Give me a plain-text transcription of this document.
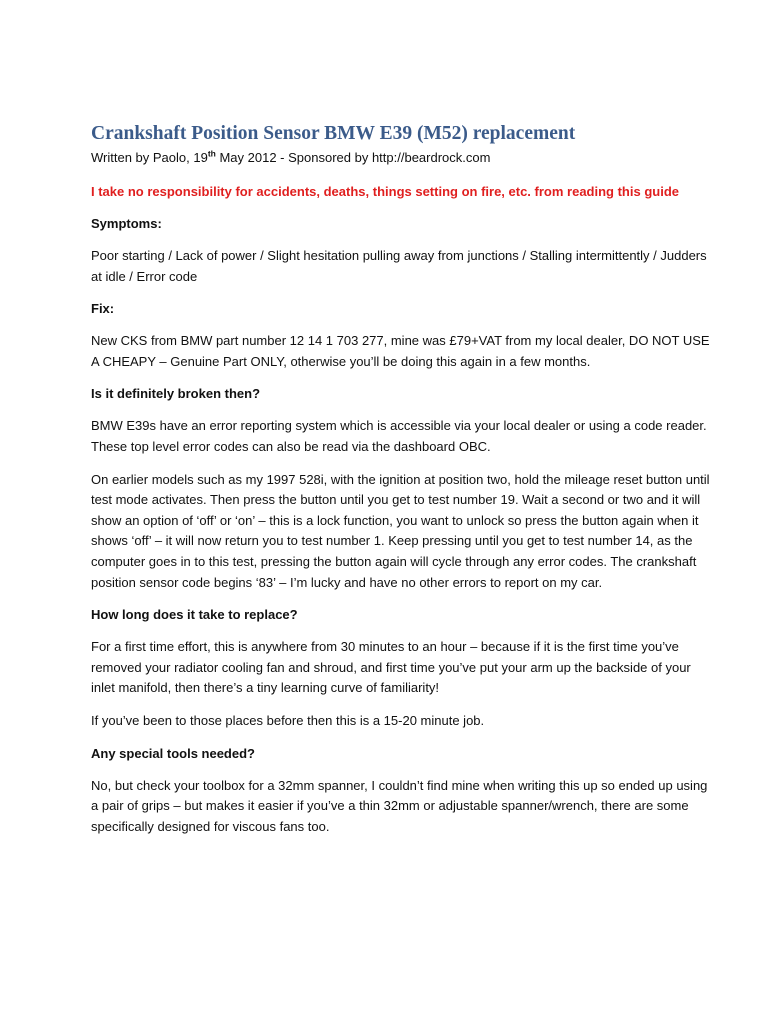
Crankshaft Position Sensor BMW E39 (M52) replacement

Written by Paolo, 19th May 2012 - Sponsored by http://beardrock.com

I take no responsibility for accidents, deaths, things setting on fire, etc. from reading this guide

Symptoms:

Poor starting / Lack of power / Slight hesitation pulling away from junctions / Stalling intermittently / Judders at idle / Error code

Fix:

New CKS from BMW part number 12 14 1 703 277, mine was £79+VAT from my local dealer, DO NOT USE A CHEAPY – Genuine Part ONLY, otherwise you’ll be doing this again in a few months.

Is it definitely broken then?

BMW E39s have an error reporting system which is accessible via your local dealer or using a code reader. These top level error codes can also be read via the dashboard OBC.

On earlier models such as my 1997 528i, with the ignition at position two, hold the mileage reset button until test mode activates. Then press the button until you get to test number 19. Wait a second or two and it will show an option of ‘off’ or ‘on’ – this is a lock function, you want to unlock so press the button again when it shows ‘off’ – it will now return you to test number 1. Keep pressing until you get to test number 14, as the computer goes in to this test, pressing the button again will cycle through any error codes. The crankshaft position sensor code begins ‘83’ – I’m lucky and have no other errors to report on my car.

How long does it take to replace?

For a first time effort, this is anywhere from 30 minutes to an hour – because if it is the first time you’ve removed your radiator cooling fan and shroud, and first time you’ve put your arm up the backside of your inlet manifold, then there’s a tiny learning curve of familiarity!

If you’ve been to those places before then this is a 15-20 minute job.

Any special tools needed?

No, but check your toolbox for a 32mm spanner, I couldn’t find mine when writing this up so ended up using a pair of grips – but makes it easier if you’ve a thin 32mm or adjustable spanner/wrench, there are some specifically designed for viscous fans too.
